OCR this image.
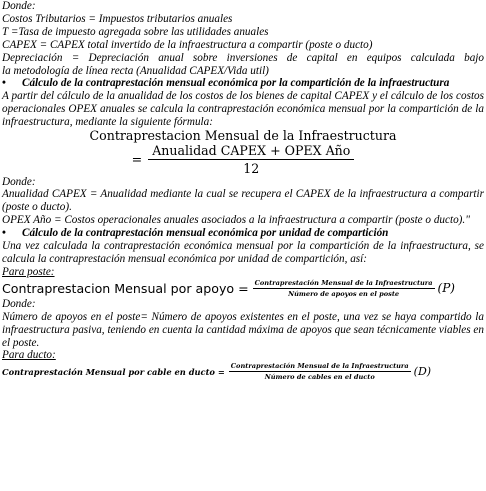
Donde:

Costos Tributarios = Impuestos tributarios anuales

T =Tasa de impuesto agregada sobre las utilidades anuales

CAPEX = CAPEX total invertido de la infraestructura a compartir (poste o ducto)

Depreciación = Depreciación anual sobre inversiones de capital en equipos calculada bajo

la metodología de línea recta (Anualidad CAPEX/Vida util)

•	Cálculo de la contraprestación mensual económica por la compartición de la infraestructura

A partir del cálculo de la anualidad de los costos de los bienes de capital CAPEX y el cálculo de los costos operacionales OPEX anuales se calcula la contraprestación económica mensual por la compartición de la infraestructura, mediante la siguiente fórmula:

Contraprestacion Mensual de la Infraestructura
= $\frac{\text{Anualidad CAPEX + OPEX Año}}{12}$

Donde:

Anualidad CAPEX = Anualidad mediante la cual se recupera el CAPEX de la infraestructura a compartir (poste o ducto).

OPEX Año = Costos operacionales anuales asociados a la infraestructura a compartir (poste o ducto)."

•	Cálculo de la contraprestación mensual económica por unidad de compartición

Una vez calculada la contraprestación económica mensual por la compartición de la infraestructura, se calcula la contraprestación mensual económica por unidad de compartición, así:

Para poste:

Contraprestacion Mensual por apoyo = $\frac{\text{Contraprestación Mensual de la Infraestructura}}{\text{Número de apoyos en el poste}} (P)$

Donde:

Número de apoyos en el poste= Número de apoyos existentes en el poste, una vez se haya compartido la infraestructura pasiva, teniendo en cuenta la cantidad máxima de apoyos que sean técnicamente viables en el poste.

Para ducto:

Contraprestación Mensual por cable en ducto = $\frac{\text{Contraprestación Mensual de la Infraestructura}}{\text{Número de cables en el ducto}} (D)$
